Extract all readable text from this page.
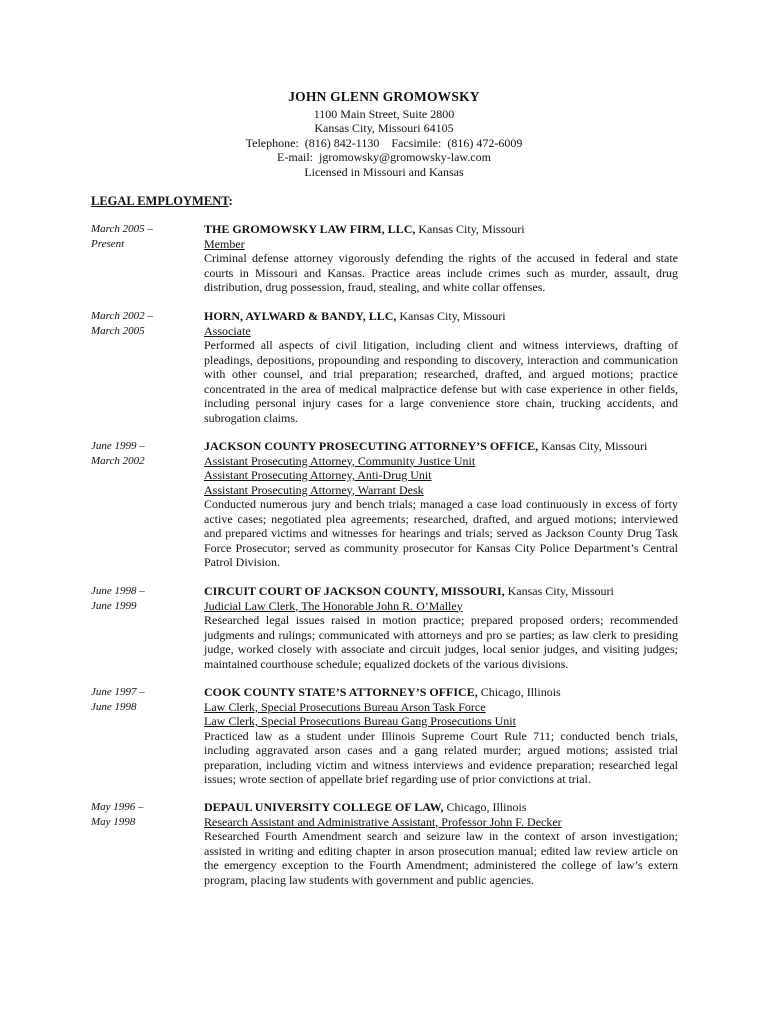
JOHN GLENN GROMOWSKY
1100 Main Street, Suite 2800
Kansas City, Missouri 64105
Telephone:  (816) 842-1130    Facsimile:  (816) 472-6009
E-mail:  jgromowsky@gromowsky-law.com
Licensed in Missouri and Kansas
LEGAL EMPLOYMENT:
March 2005 –
Present
THE GROMOWSKY LAW FIRM, LLC, Kansas City, Missouri
Member
Criminal defense attorney vigorously defending the rights of the accused in federal and state courts in Missouri and Kansas. Practice areas include crimes such as murder, assault, drug distribution, drug possession, fraud, stealing, and white collar offenses.
March 2002 –
March 2005
HORN, AYLWARD & BANDY, LLC, Kansas City, Missouri
Associate
Performed all aspects of civil litigation, including client and witness interviews, drafting of pleadings, depositions, propounding and responding to discovery, interaction and communication with other counsel, and trial preparation; researched, drafted, and argued motions; practice concentrated in the area of medical malpractice defense but with case experience in other fields, including personal injury cases for a large convenience store chain, trucking accidents, and subrogation claims.
June 1999 –
March 2002
JACKSON COUNTY PROSECUTING ATTORNEY’S OFFICE, Kansas City, Missouri
Assistant Prosecuting Attorney, Community Justice Unit
Assistant Prosecuting Attorney, Anti-Drug Unit
Assistant Prosecuting Attorney, Warrant Desk
Conducted numerous jury and bench trials; managed a case load continuously in excess of forty active cases; negotiated plea agreements; researched, drafted, and argued motions; interviewed and prepared victims and witnesses for hearings and trials; served as Jackson County Drug Task Force Prosecutor; served as community prosecutor for Kansas City Police Department’s Central Patrol Division.
June 1998 –
June 1999
CIRCUIT COURT OF JACKSON COUNTY, MISSOURI, Kansas City, Missouri
Judicial Law Clerk, The Honorable John R. O’Malley
Researched legal issues raised in motion practice; prepared proposed orders; recommended judgments and rulings; communicated with attorneys and pro se parties; as law clerk to presiding judge, worked closely with associate and circuit judges, local senior judges, and visiting judges; maintained courthouse schedule; equalized dockets of the various divisions.
June 1997 –
June 1998
COOK COUNTY STATE’S ATTORNEY’S OFFICE, Chicago, Illinois
Law Clerk, Special Prosecutions Bureau Arson Task Force
Law Clerk, Special Prosecutions Bureau Gang Prosecutions Unit
Practiced law as a student under Illinois Supreme Court Rule 711; conducted bench trials, including aggravated arson cases and a gang related murder; argued motions; assisted trial preparation, including victim and witness interviews and evidence preparation; researched legal issues; wrote section of appellate brief regarding use of prior convictions at trial.
May 1996 –
May 1998
DEPAUL UNIVERSITY COLLEGE OF LAW, Chicago, Illinois
Research Assistant and Administrative Assistant, Professor John F. Decker
Researched Fourth Amendment search and seizure law in the context of arson investigation; assisted in writing and editing chapter in arson prosecution manual; edited law review article on the emergency exception to the Fourth Amendment; administered the college of law’s extern program, placing law students with government and public agencies.
